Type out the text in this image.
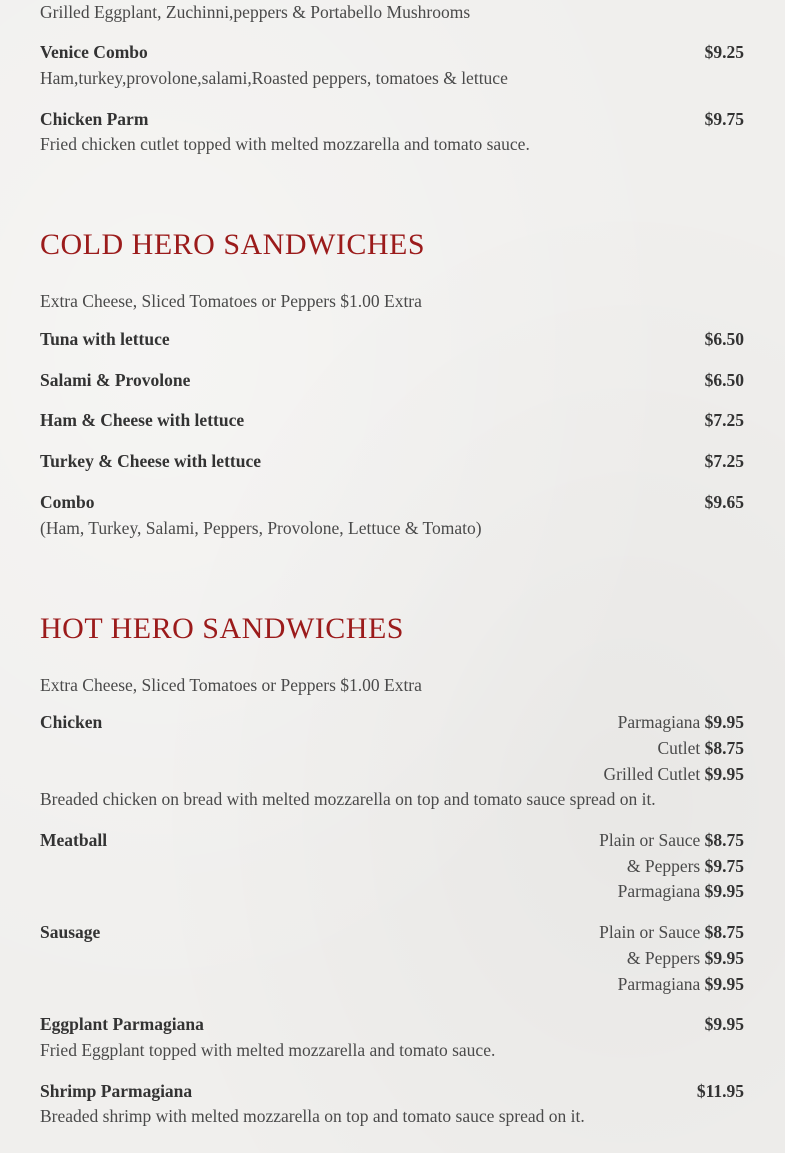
Grilled Eggplant, Zuchinni,peppers & Portabello Mushrooms
Venice Combo	$9.25
Ham,turkey,provolone,salami,Roasted peppers, tomatoes & lettuce
Chicken Parm	$9.75
Fried chicken cutlet topped with melted mozzarella and tomato sauce.
COLD HERO SANDWICHES
Extra Cheese, Sliced Tomatoes or Peppers $1.00 Extra
Tuna with lettuce	$6.50
Salami & Provolone	$6.50
Ham & Cheese with lettuce	$7.25
Turkey & Cheese with lettuce	$7.25
Combo	$9.65
(Ham, Turkey, Salami, Peppers, Provolone, Lettuce & Tomato)
HOT HERO SANDWICHES
Extra Cheese, Sliced Tomatoes or Peppers $1.00 Extra
Chicken	Parmagiana $9.95
Cutlet $8.75
Grilled Cutlet $9.95
Breaded chicken on bread with melted mozzarella on top and tomato sauce spread on it.
Meatball	Plain or Sauce $8.75
& Peppers $9.75
Parmagiana $9.95
Sausage	Plain or Sauce $8.75
& Peppers $9.95
Parmagiana $9.95
Eggplant Parmagiana	$9.95
Fried Eggplant topped with melted mozzarella and tomato sauce.
Shrimp Parmagiana	$11.95
Breaded shrimp with melted mozzarella on top and tomato sauce spread on it.
